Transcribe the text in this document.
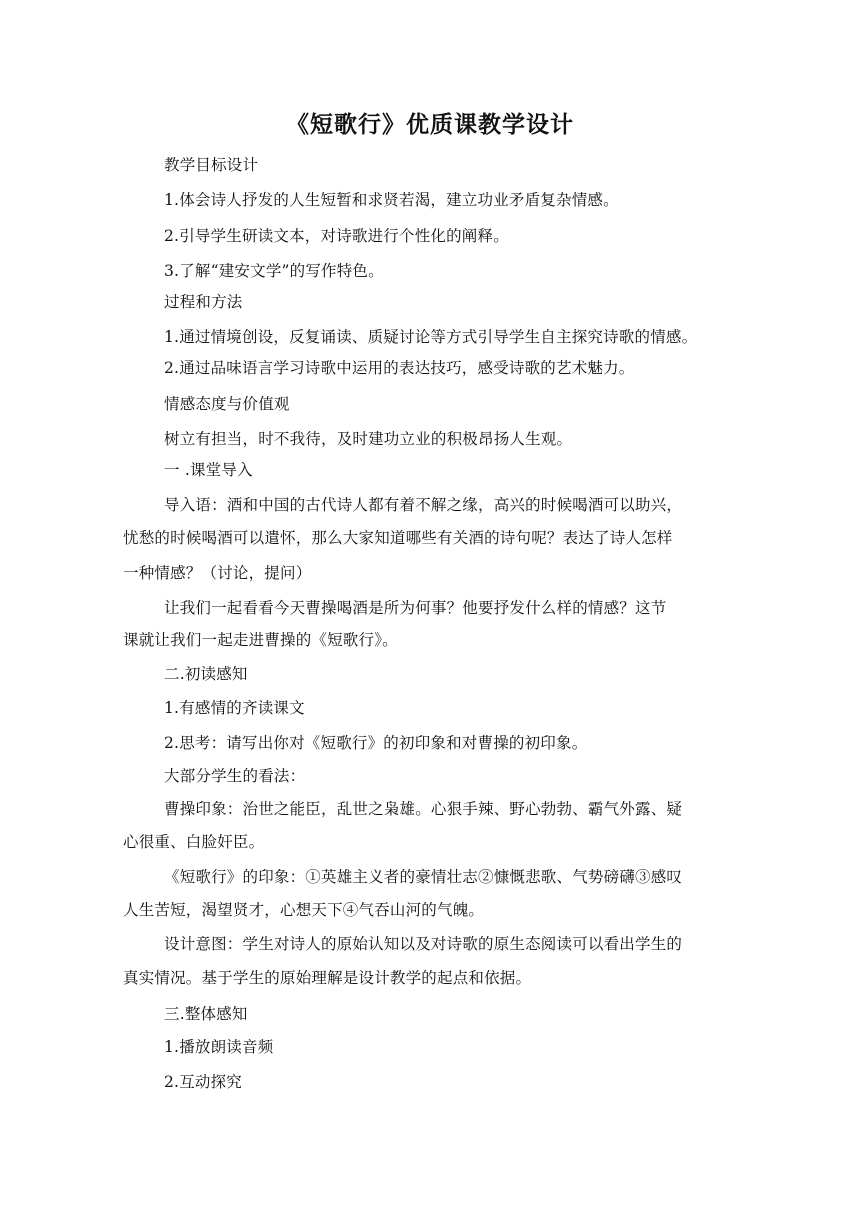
《短歌行》优质课教学设计
教学目标设计
1.体会诗人抒发的人生短暂和求贤若渴，建立功业矛盾复杂情感。
2.引导学生研读文本，对诗歌进行个性化的阐释。
3.了解“建安文学”的写作特色。
过程和方法
1.通过情境创设，反复诵读、质疑讨论等方式引导学生自主探究诗歌的情感。
2.通过品味语言学习诗歌中运用的表达技巧，感受诗歌的艺术魅力。
情感态度与价值观
树立有担当，时不我待，及时建功立业的积极昂扬人生观。
一 .课堂导入
导入语：酒和中国的古代诗人都有着不解之缘，高兴的时候喝酒可以助兴，
忧愁的时候喝酒可以遣怀，那么大家知道哪些有关酒的诗句呢？表达了诗人怎样
一种情感？（讨论，提问）
让我们一起看看今天曹操喝酒是所为何事？他要抒发什么样的情感？这节
课就让我们一起走进曹操的《短歌行》。
二.初读感知
1.有感情的齐读课文
2.思考：请写出你对《短歌行》的初印象和对曹操的初印象。
大部分学生的看法：
曹操印象：治世之能臣，乱世之枭雄。心狠手辣、野心勃勃、霸气外露、疑
心很重、白脸奸臣。
《短歌行》的印象：①英雄主义者的豪情壮志②慷慨悲歌、气势磅礴③感叹
人生苦短，渴望贤才，心想天下④气吞山河的气魄。
设计意图：学生对诗人的原始认知以及对诗歌的原生态阅读可以看出学生的
真实情况。基于学生的原始理解是设计教学的起点和依据。
三.整体感知
1.播放朗读音频
2.互动探究
